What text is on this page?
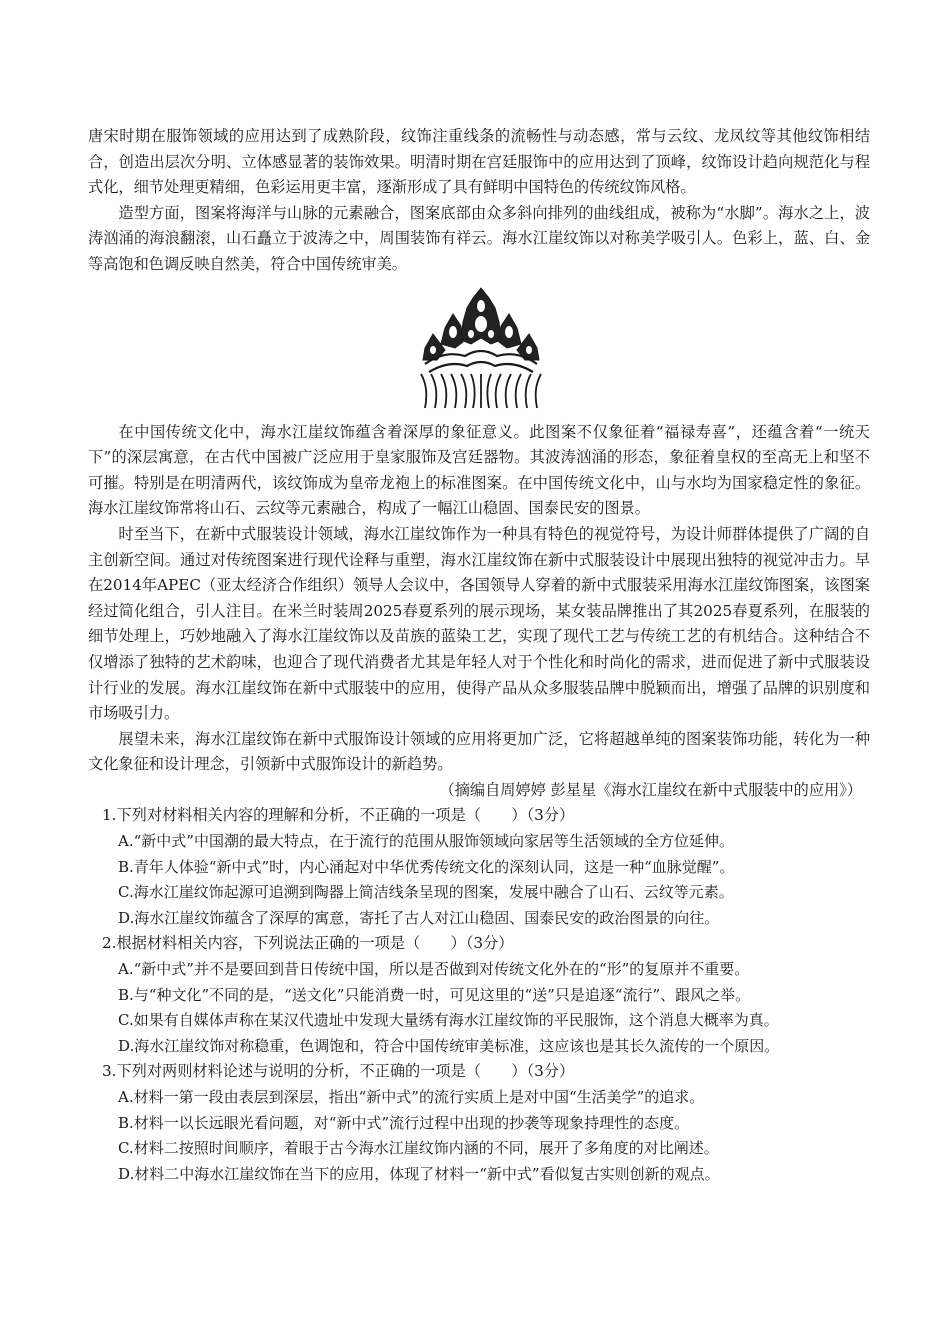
唐宋时期在服饰领域的应用达到了成熟阶段，纹饰注重线条的流畅性与动态感，常与云纹、龙凤纹等其他纹饰相结合，创造出层次分明、立体感显著的装饰效果。明清时期在宫廷服饰中的应用达到了顶峰，纹饰设计趋向规范化与程式化，细节处理更精细，色彩运用更丰富，逐渐形成了具有鲜明中国特色的传统纹饰风格。

造型方面，图案将海洋与山脉的元素融合，图案底部由众多斜向排列的曲线组成，被称为“水脚”。海水之上，波涛汹涌的海浪翻滚，山石矗立于波涛之中，周围装饰有祥云。海水江崖纹饰以对称美学吸引人。色彩上，蓝、白、金等高饱和色调反映自然美，符合中国传统审美。

在中国传统文化中，海水江崖纹饰蕴含着深厚的象征意义。此图案不仅象征着“福禄寿喜”，还蕴含着“一统天下”的深层寓意，在古代中国被广泛应用于皇家服饰及宫廷器物。其波涛汹涌的形态，象征着皇权的至高无上和坚不可摧。特别是在明清两代，该纹饰成为皇帝龙袍上的标准图案。在中国传统文化中，山与水均为国家稳定性的象征。海水江崖纹饰常将山石、云纹等元素融合，构成了一幅江山稳固、国泰民安的图景。

时至当下，在新中式服装设计领域，海水江崖纹饰作为一种具有特色的视觉符号，为设计师群体提供了广阔的自主创新空间。通过对传统图案进行现代诠释与重塑，海水江崖纹饰在新中式服装设计中展现出独特的视觉冲击力。早在2014年APEC（亚太经济合作组织）领导人会议中，各国领导人穿着的新中式服装采用海水江崖纹饰图案，该图案经过简化组合，引人注目。在米兰时装周2025春夏系列的展示现场，某女装品牌推出了其2025春夏系列，在服装的细节处理上，巧妙地融入了海水江崖纹饰以及苗族的蓝染工艺，实现了现代工艺与传统工艺的有机结合。这种结合不仅增添了独特的艺术韵味，也迎合了现代消费者尤其是年轻人对于个性化和时尚化的需求，进而促进了新中式服装设计行业的发展。海水江崖纹饰在新中式服装中的应用，使得产品从众多服装品牌中脱颖而出，增强了品牌的识别度和市场吸引力。

展望未来，海水江崖纹饰在新中式服饰设计领域的应用将更加广泛，它将超越单纯的图案装饰功能，转化为一种文化象征和设计理念，引领新中式服饰设计的新趋势。

（摘编自周婷婷 彭星星《海水江崖纹在新中式服装中的应用》）

1.下列对材料相关内容的理解和分析，不正确的一项是（　　）（3分）

A.“新中式”中国潮的最大特点，在于流行的范围从服饰领域向家居等生活领域的全方位延伸。

B.青年人体验“新中式”时，内心涌起对中华优秀传统文化的深刻认同，这是一种“血脉觉醒”。

C.海水江崖纹饰起源可追溯到陶器上简洁线条呈现的图案，发展中融合了山石、云纹等元素。

D.海水江崖纹饰蕴含了深厚的寓意，寄托了古人对江山稳固、国泰民安的政治图景的向往。

2.根据材料相关内容，下列说法正确的一项是（　　）（3分）

A.“新中式”并不是要回到昔日传统中国，所以是否做到对传统文化外在的“形”的复原并不重要。

B.与“种文化”不同的是，“送文化”只能消费一时，可见这里的“送”只是追逐“流行”、跟风之举。

C.如果有自媒体声称在某汉代遗址中发现大量绣有海水江崖纹饰的平民服饰，这个消息大概率为真。

D.海水江崖纹饰对称稳重，色调饱和，符合中国传统审美标准，这应该也是其长久流传的一个原因。

3.下列对两则材料论述与说明的分析，不正确的一项是（　　）（3分）

A.材料一第一段由表层到深层，指出“新中式”的流行实质上是对中国“生活美学”的追求。

B.材料一以长远眼光看问题，对“新中式”流行过程中出现的抄袭等现象持理性的态度。

C.材料二按照时间顺序，着眼于古今海水江崖纹饰内涵的不同，展开了多角度的对比阐述。

D.材料二中海水江崖纹饰在当下的应用，体现了材料一“新中式”看似复古实则创新的观点。
